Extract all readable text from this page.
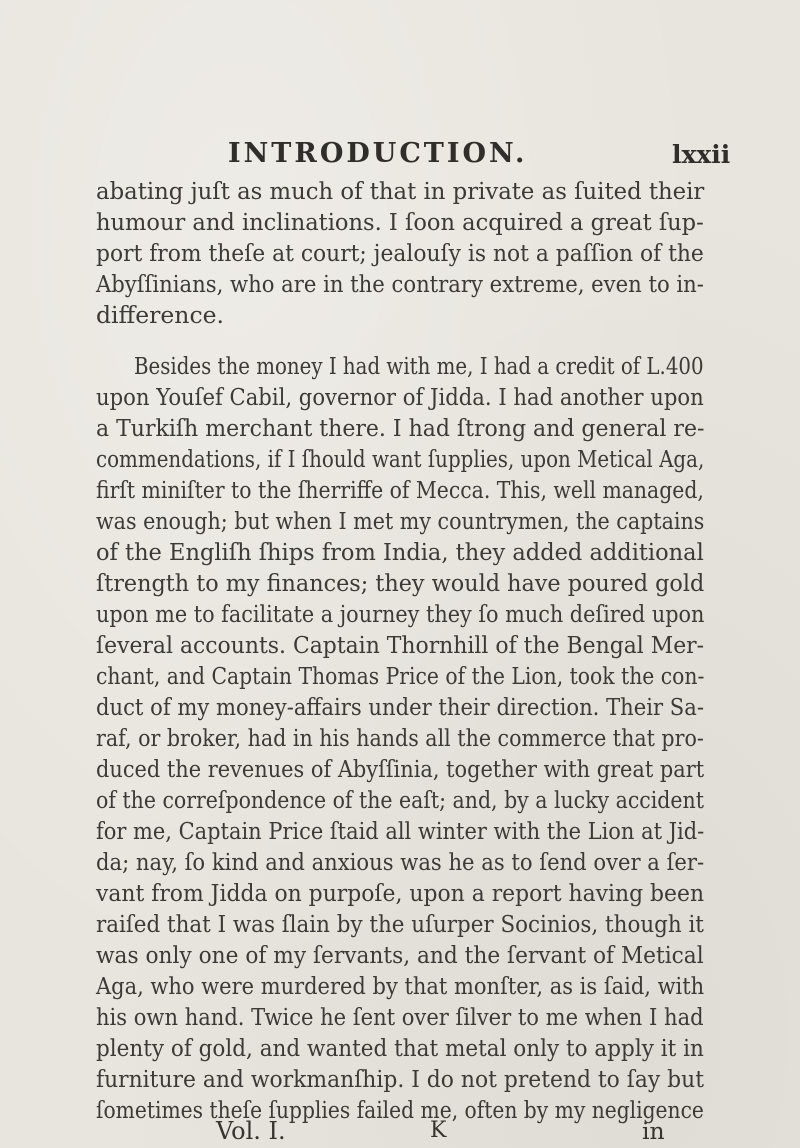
INTRODUCTION.	lxxii
abating juſt as much of that in private as ſuited their
humour and inclinations. I ſoon acquired a great ſup-
port from theſe at court; jealouſy is not a paſſion of the
Abyſſinians, who are in the contrary extreme, even to in-
difference.
Besides the money I had with me, I had a credit of L.400
upon Youſef Cabil, governor of Jidda. I had another upon
a Turkiſh merchant there. I had ſtrong and general re-
commendations, if I ſhould want ſupplies, upon Metical Aga,
firſt miniſter to the ſherriffe of Mecca. This, well managed,
was enough; but when I met my countrymen, the captains
of the Engliſh ſhips from India, they added additional
ſtrength to my finances; they would have poured gold
upon me to facilitate a journey they ſo much deſired upon
ſeveral accounts. Captain Thornhill of the Bengal Mer-
chant, and Captain Thomas Price of the Lion, took the con-
duct of my money-affairs under their direction. Their Sa-
raf, or broker, had in his hands all the commerce that pro-
duced the revenues of Abyſſinia, together with great part
of the correſpondence of the eaſt; and, by a lucky accident
for me, Captain Price ſtaid all winter with the Lion at Jid-
da; nay, ſo kind and anxious was he as to ſend over a ſer-
vant from Jidda on purpoſe, upon a report having been
raiſed that I was ſlain by the uſurper Socinios, though it
was only one of my ſervants, and the ſervant of Metical
Aga, who were murdered by that monſter, as is ſaid, with
his own hand. Twice he ſent over ſilver to me when I had
plenty of gold, and wanted that metal only to apply it in
furniture and workmanſhip. I do not pretend to ſay but
ſometimes theſe ſupplies failed me, often by my negligence
Vol. I.	K	in
